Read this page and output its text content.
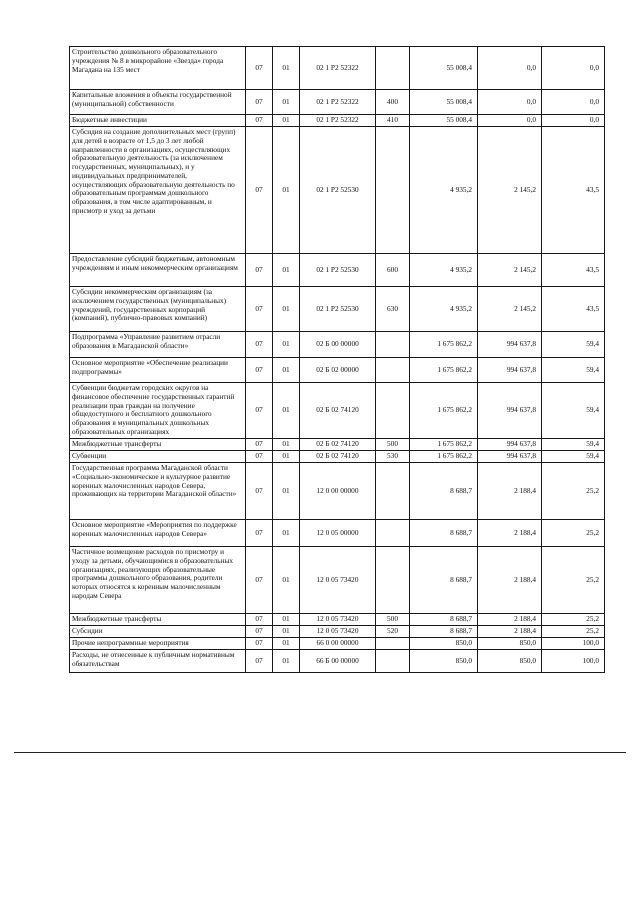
Строительство дошкольного образовательного учреждения № 8 в микрорайоне «Звезда» города Магадана на 135 мест	07	01	02 1 Р2 52322		55 008,4	0,0	0,0
Капитальные вложения в объекты государственной (муниципальной) собственности	07	01	02 1 Р2 52322	400	55 008,4	0,0	0,0
Бюджетные инвестиции	07	01	02 1 Р2 52322	410	55 008,4	0,0	0,0
Субсидия на создание дополнительных мест (групп) для детей в возрасте от 1,5 до 3 лет любой направленности в организациях, осуществляющих образовательную деятельность (за исключением государственных, муниципальных), и у индивидуальных предпринимателей, осуществляющих образовательную деятельность по образовательным программам дошкольного образования, в том числе адаптированным, и присмотр и уход за детьми	07	01	02 1 Р2 52530		4 935,2	2 145,2	43,5
Предоставление субсидий бюджетным, автономным учреждениям и иным некоммерческим организациям	07	01	02 1 Р2 52530	600	4 935,2	2 145,2	43,5
Субсидии некоммерческим организациям (за исключением государственных (муниципальных) учреждений, государственных корпораций (компаний), публично-правовых компаний)	07	01	02 1 Р2 52530	630	4 935,2	2 145,2	43,5
Подпрограмма «Управление развитием отрасли образования в Магаданской области»	07	01	02 Б 00 00000		1 675 862,2	994 637,8	59,4
Основное мероприятие «Обеспечение реализации подпрограммы»	07	01	02 Б 02 00000		1 675 862,2	994 637,8	59,4
Субвенции бюджетам городских округов на финансовое обеспечение государственных гарантий реализации прав граждан на получение общедоступного и бесплатного дошкольного образования в муниципальных дошкольных образовательных организациях	07	01	02 Б 02 74120		1 675 862,2	994 637,8	59,4
Межбюджетные трансферты	07	01	02 Б 02 74120	500	1 675 862,2	994 637,8	59,4
Субвенции	07	01	02 Б 02 74120	530	1 675 862,2	994 637,8	59,4
Государственная программа Магаданской области «Социально-экономическое и культурное развитие коренных малочисленных народов Севера, проживающих на территории Магаданской области»	07	01	12 0 00 00000		8 688,7	2 188,4	25,2
Основное мероприятие «Мероприятия по поддержке коренных малочисленных народов Севера»	07	01	12 0 05 00000		8 688,7	2 188,4	25,2
Частичное возмещение расходов по присмотру и уходу за детьми, обучающимися в образовательных организациях, реализующих образовательные программы дошкольного образования, родители которых относятся к коренным малочисленным народам Севера	07	01	12 0 05 73420		8 688,7	2 188,4	25,2
Межбюджетные трансферты	07	01	12 0 05 73420	500	8 688,7	2 188,4	25,2
Субсидии	07	01	12 0 05 73420	520	8 688,7	2 188,4	25,2
Прочие непрограммные мероприятия	07	01	66 0 00 00000		850,0	850,0	100,0
Расходы, не отнесенные к публичным нормативным обязательствам	07	01	66 Б 00 00000		850,0	850,0	100,0
